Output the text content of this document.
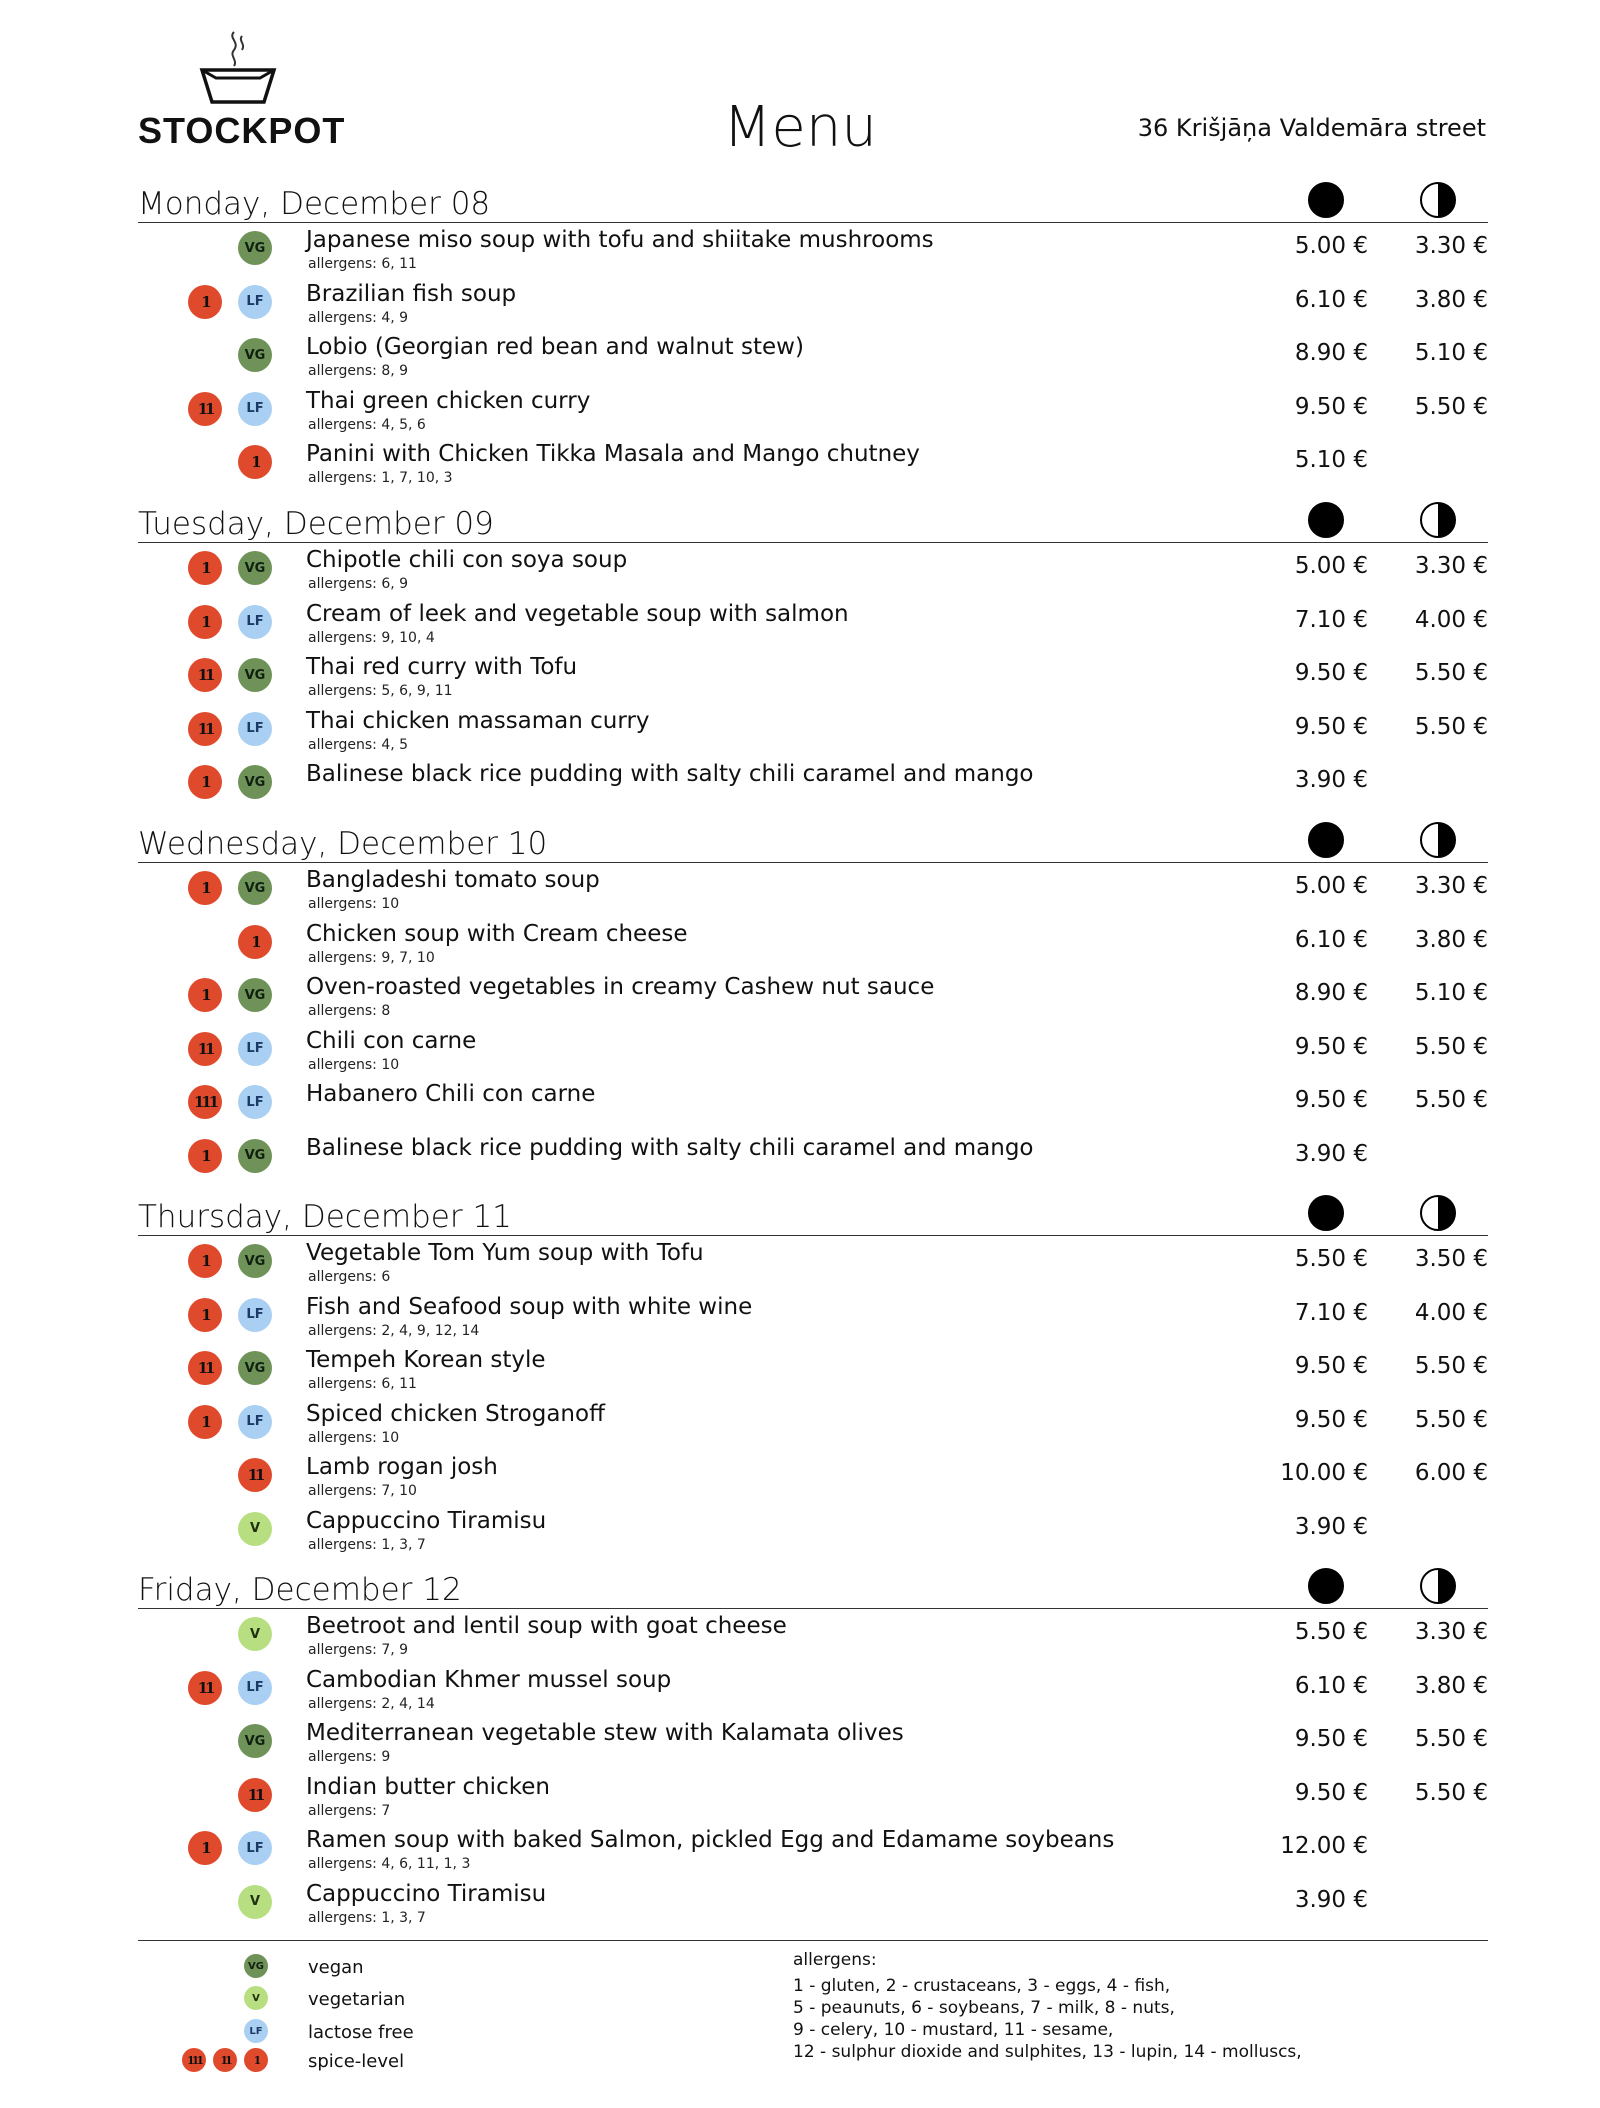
STOCKPOT	Menu	36 Krišjāņa Valdemāra street
Monday, December 08
VG Japanese miso soup with tofu and shiitake mushrooms
allergens: 6, 11
5.00 €	3.30 €
𝟏	LF	Brazilian fish soup
allergens: 4, 9
6.10 €	3.80 €
VG Lobio (Georgian red bean and walnut stew)
allergens: 8, 9
8.90 €	5.10 €
𝟏𝟏	LF	Thai green chicken curry
allergens: 4, 5, 6
9.50 €	5.50 €
𝟏 Panini with Chicken Tikka Masala and Mango chutney
allergens: 1, 7, 10, 3
5.10 €
Tuesday, December 09
𝟏	VG Chipotle chili con soya soup
allergens: 6, 9
5.00 €	3.30 €
𝟏	LF	Cream of leek and vegetable soup with salmon
allergens: 9, 10, 4
7.10 €	4.00 €
𝟏𝟏	VG Thai red curry with Tofu
allergens: 5, 6, 9, 11
9.50 €	5.50 €
𝟏𝟏	LF	Thai chicken massaman curry
allergens: 4, 5
9.50 €	5.50 €
𝟏	VG Balinese black rice pudding with salty chili caramel and mango	3.90 €
Wednesday, December 10
𝟏	VG Bangladeshi tomato soup
allergens: 10
5.00 €	3.30 €
𝟏 Chicken soup with Cream cheese
allergens: 9, 7, 10
6.10 €	3.80 €
𝟏	VG Oven-roasted vegetables in creamy Cashew nut sauce
allergens: 8
8.90 €	5.10 €
𝟏𝟏	LF	Chili con carne
allergens: 10
9.50 €	5.50 €
𝟏𝟏𝟏	LF	Habanero Chili con carne	9.50 €	5.50 €
𝟏	VG Balinese black rice pudding with salty chili caramel and mango	3.90 €
Thursday, December 11
𝟏	VG Vegetable Tom Yum soup with Tofu
allergens: 6
5.50 €	3.50 €
𝟏	LF	Fish and Seafood soup with white wine
allergens: 2, 4, 9, 12, 14
7.10 €	4.00 €
𝟏𝟏	VG Tempeh Korean style
allergens: 6, 11
9.50 €	5.50 €
𝟏	LF	Spiced chicken Stroganoff
allergens: 10
9.50 €	5.50 €
𝟏𝟏 Lamb rogan josh
allergens: 7, 10
10.00 €	6.00 €
V	Cappuccino Tiramisu
allergens: 1, 3, 7
3.90 €
Friday, December 12
V	Beetroot and lentil soup with goat cheese
allergens: 7, 9
5.50 €	3.30 €
𝟏𝟏	LF	Cambodian Khmer mussel soup
allergens: 2, 4, 14
6.10 €	3.80 €
VG Mediterranean vegetable stew with Kalamata olives
allergens: 9
9.50 €	5.50 €
𝟏𝟏 Indian butter chicken
allergens: 7
9.50 €	5.50 €
𝟏	LF	Ramen soup with baked Salmon, pickled Egg and Edamame soybeans
allergens: 4, 6, 11, 1, 3
12.00 €
V	Cappuccino Tiramisu
allergens: 1, 3, 7
3.90 €
VG vegan
V	vegetarian
LF	lactose free
𝟏𝟏𝟏 𝟏𝟏 𝟏	spice-level
allergens:
1 - gluten, 2 - crustaceans, 3 - eggs, 4 - fish,
5 - peaunuts, 6 - soybeans, 7 - milk, 8 - nuts,
9 - celery, 10 - mustard, 11 - sesame,
12 - sulphur dioxide and sulphites, 13 - lupin, 14 - molluscs,
